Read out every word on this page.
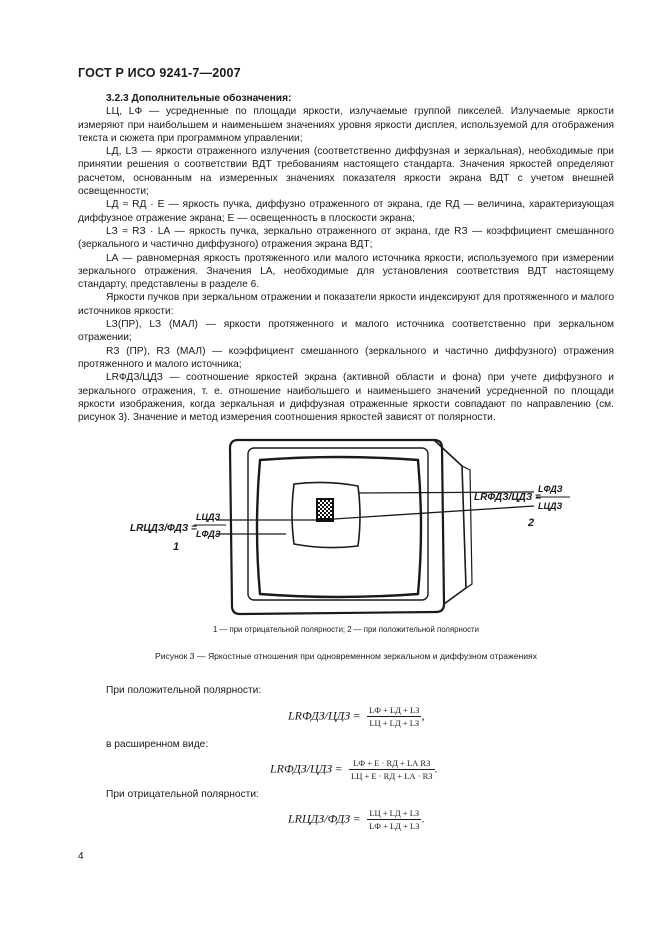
ГОСТ Р ИСО 9241-7—2007

3.2.3 Дополнительные обозначения:

LЦ, LФ — усредненные по площади яркости, излучаемые группой пикселей. Излучаемые яркости измеряют при наибольшем и наименьшем значениях уровня яркости дисплея, используемой для отображения текста и сюжета при программном управлении;

LД, LЗ — яркости отраженного излучения (соответственно диффузная и зеркальная), необходимые при принятии решения о соответствии ВДТ требованиям настоящего стандарта. Значения яркостей определяют расчетом, основанным на измеренных значениях показателя яркости экрана ВДТ с учетом внешней освещенности;

LД ≈ RД · E — яркость пучка, диффузно отраженного от экрана, где RД — величина, характеризующая диффузное отражение экрана; E — освещенность в плоскости экрана;

LЗ ≈ RЗ · LА — яркость пучка, зеркально отраженного от экрана, где RЗ — коэффициент смешанного (зеркального и частично диффузного) отражения экрана ВДТ;

LА — равномерная яркость протяженного или малого источника яркости, используемого при измерении зеркального отражения. Значения LА, необходимые для установления соответствия ВДТ настоящему стандарту, представлены в разделе 6.

Яркости пучков при зеркальном отражении и показатели яркости индексируют для протяженного и малого источников яркости:

LЗ(ПР), LЗ (МАЛ) — яркости протяженного и малого источника соответственно при зеркальном отражении;

RЗ (ПР), RЗ (МАЛ) — коэффициент смешанного (зеркального и частично диффузного) отражения протяженного и малого источника;

LRФДЗ/ЦДЗ — соотношение яркостей экрана (активной области и фона) при учете диффузного и зеркального отражения, т. е. отношение наибольшего и наименьшего значений усредненной по площади яркости изображения, когда зеркальная и диффузная отраженные яркости совпадают по направлению (см. рисунок 3). Значение и метод измерения соотношения яркостей зависят от полярности.

LRЦДЗ/ФДЗ =
LЦДЗ
LФДЗ
1
LRФДЗ/ЦДЗ =
LФДЗ
LЦДЗ
2
1 — при отрицательной полярности; 2 — при положительной полярности
Рисунок 3 — Яркостные отношения при одновременном зеркальном и диффузном отражениях
При положительной полярности:
LRФДЗ/ЦДЗ = $\frac{LФ + LД + LЗ}{LЦ + LД + LЗ}$ ,
в расширенном виде:
LRФДЗ/ЦДЗ = $\frac{\text{LФ + E · RД + LА RЗ}}{LЦ + E \cdot RД + LА \cdot RЗ}$ .
При отрицательной полярности:
LRЦДЗ/ФДЗ = $\frac{LЦ + LД + LЗ}{LФ + LД + LЗ}$ .
4
